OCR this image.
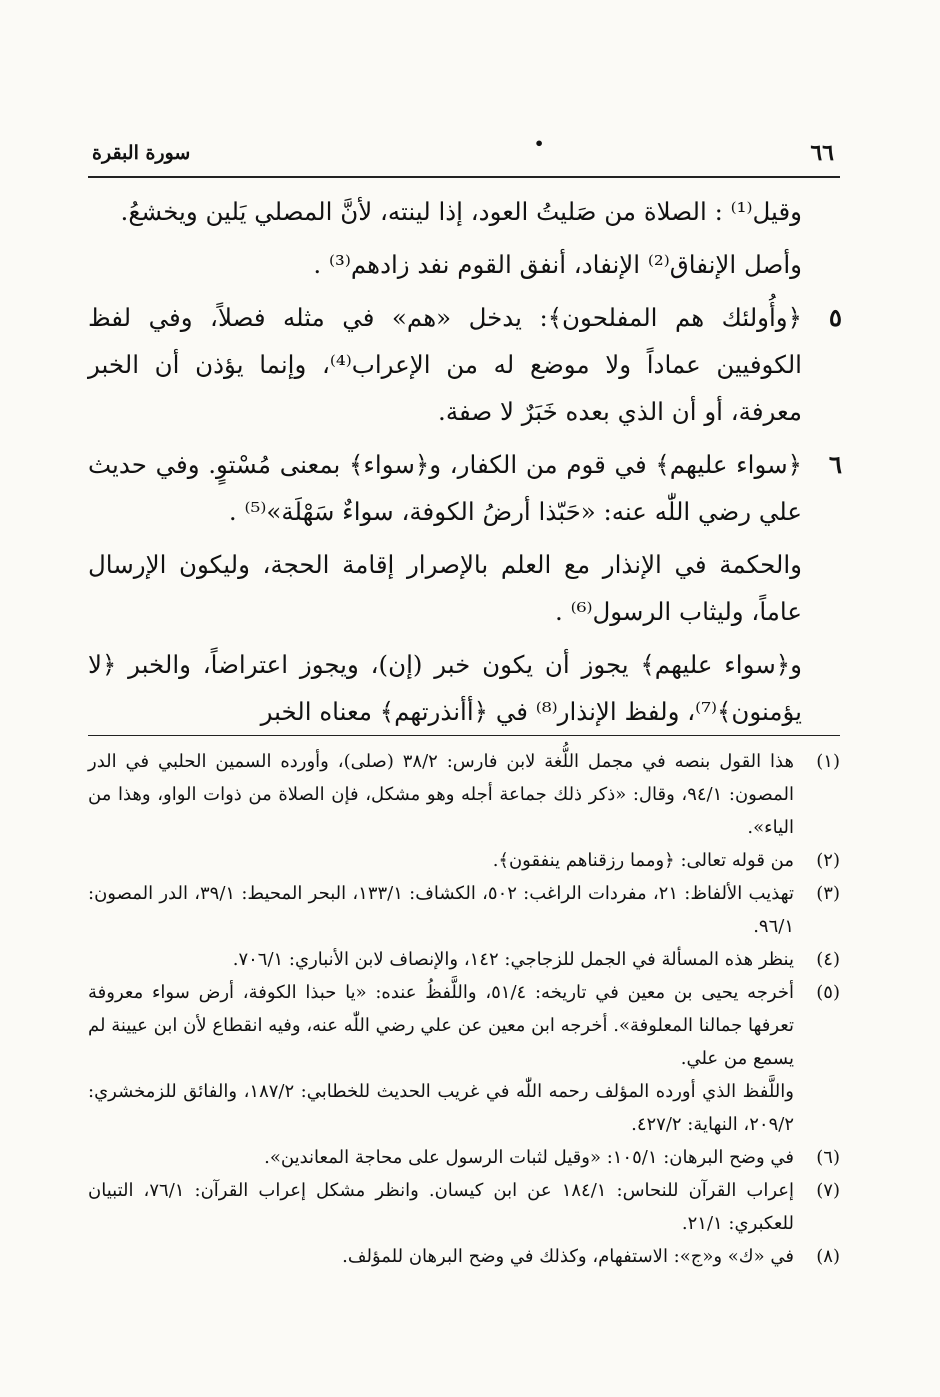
٦٦
•
سورة البقرة

وقيل⁽¹⁾ : الصلاة من صَليتُ العود، إذا لينته، لأنَّ المصلي يَلين ويخشعُ.

وأصل الإنفاق⁽²⁾ الإنفاد، أنفق القوم نفد زادهم⁽³⁾ .

٥
﴿وأُولئك هم المفلحون﴾: يدخل «هم» في مثله فصلاً، وفي لفظ الكوفيين عماداً ولا موضع له من الإعراب⁽⁴⁾، وإنما يؤذن أن الخبر معرفة، أو أن الذي بعده خَبَرٌ لا صفة.
٦
﴿سواء عليهم﴾ في قوم من الكفار، و﴿سواء﴾ بمعنى مُسْتوٍ. وفي حديث علي رضي اللّٰه عنه: «حَبّذا أرضُ الكوفة، سواءٌ سَهْلَة»⁽⁵⁾ .

والحكمة في الإنذار مع العلم بالإصرار إقامة الحجة، وليكون الإرسال عاماً، وليثاب الرسول⁽⁶⁾ .

و﴿سواء عليهم﴾ يجوز أن يكون خبر (إن)، ويجوز اعتراضاً، والخبر ﴿لا يؤمنون﴾⁽⁷⁾، ولفظ الإنذار⁽⁸⁾ في ﴿أأنذرتهم﴾ معناه الخبر

(١)
هذا القول بنصه في مجمل اللُّغة لابن فارس: ٣٨/٢ (صلى)، وأورده السمين الحلبي في الدر المصون: ٩٤/١، وقال: «ذكر ذلك جماعة أجله وهو مشكل، فإن الصلاة من ذوات الواو، وهذا من الياء».

(٢)
من قوله تعالى: ﴿ومما رزقناهم ينفقون﴾.

(٣)
تهذيب الألفاظ: ٢١، مفردات الراغب: ٥٠٢، الكشاف: ١٣٣/١، البحر المحيط: ٣٩/١، الدر المصون: ٩٦/١.

(٤)
ينظر هذه المسألة في الجمل للزجاجي: ١٤٢، والإنصاف لابن الأنباري: ٧٠٦/١.

(٥)
أخرجه يحيى بن معين في تاريخه: ٥١/٤، واللَّفظُ عنده: «يا حبذا الكوفة، أرض سواء معروفة تعرفها جمالنا المعلوفة». أخرجه ابن معين عن علي رضي اللّٰه عنه، وفيه انقطاع لأن ابن عيينة لم يسمع من علي.

واللَّفظ الذي أورده المؤلف رحمه اللّٰه في غريب الحديث للخطابي: ١٨٧/٢، والفائق للزمخشري: ٢٠٩/٢، النهاية: ٤٢٧/٢.

(٦)
في وضح البرهان: ١٠٥/١: «وقيل لثبات الرسول على محاجة المعاندين».

(٧)
إعراب القرآن للنحاس: ١٨٤/١ عن ابن كيسان. وانظر مشكل إعراب القرآن: ٧٦/١، التبيان للعكبري: ٢١/١.

(٨)
في «ك» و«ج»: الاستفهام، وكذلك في وضح البرهان للمؤلف.
